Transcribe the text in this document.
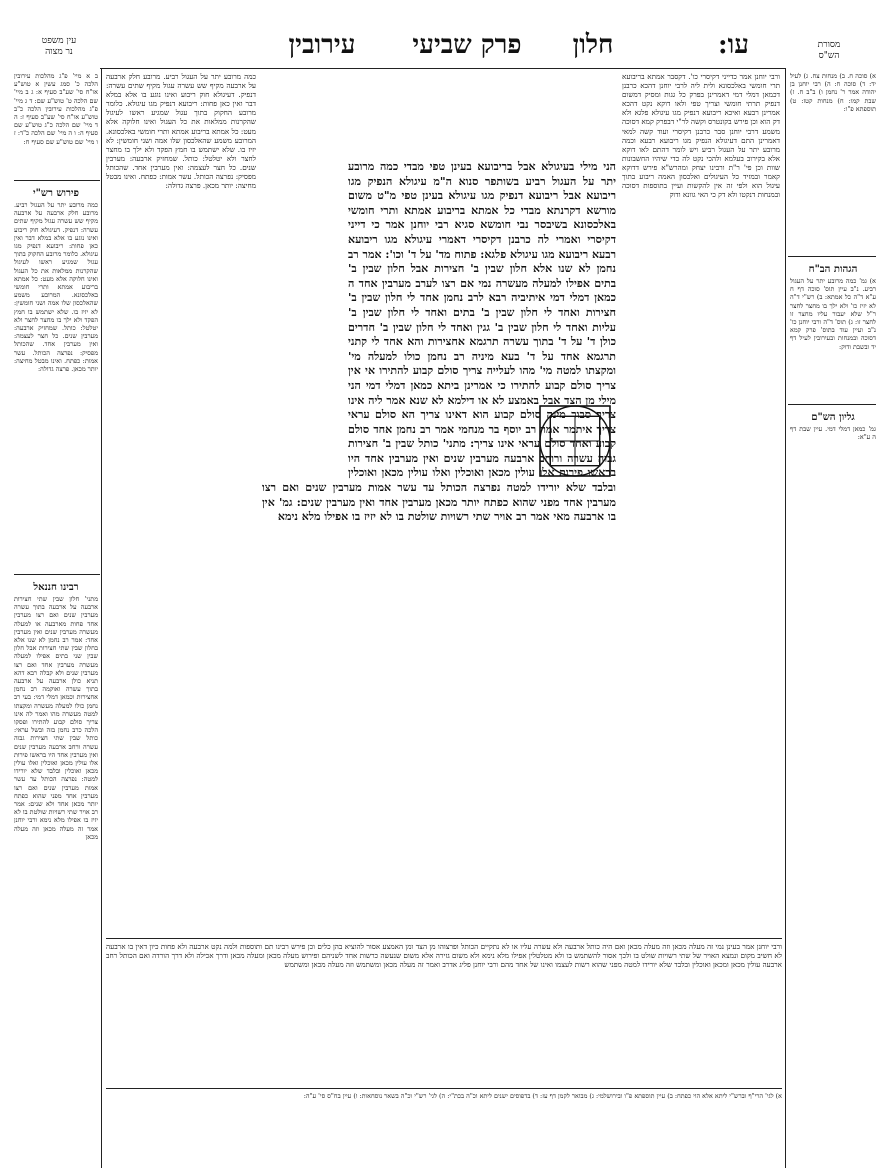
עין משפט
נר מצוה	עו:
חלון
פרק שביעי
עירובין	מסורת
הש"ס
ב א מיי' פ"ג מהלכות עירובין הלכה כ' סמג עשין א טוש"ע או"ח סי' שע"ב סעיף א: ג ב מיי' שם הלכה ט' טוש"ע שם: ד ג מיי' פ"ג מהלכות עירובין הלכה כ"ב טוש"ע או"ח סי' שע"ב סעיף ז: ה ד מיי' שם הלכה כ"ג טוש"ע שם סעיף ה: ו ה מיי' שם הלכה כ"ד: ז ו מיי' שם טוש"ע שם סעיף ח:
פירוש רש"י
כמה מרובע יתר על העגול רביע. מרובע חלק ארבעה על ארבעה מקיף שש עשרה עגול מקיף שתים עשרה: דנפיק. דעיגולא חוק ריבוע ואינו נוגע בו אלא במלא דבר ואין כאן פחות: ריבועא דנפיק מגו עיגולא. כלומר מרובע החקוק בתוך עגול שמגיע ראשו לעיגול שהקרנות ממלאות את כל העגול ואינו חלוקה אלא מעט: כל אמתא בריבוע אמתא ותרי חומשי באלכסונא. המרובע משמע שהאלכסון שלו אמה ושני חומשין: לא יזיז בו. שלא ישתמש בו חמץ הפקד ולא ילך בו מחצר לחצר ולא יטלטל: כותל. שמחזיק ארבעה: מערבין שנים. כל חצר לעצמה: ואין מערבין אחד. שהכותל מפסיק: נפרצה הכותל. עשר אמות: כפתח. ואינו מבטל מחיצה: יותר מכאן. פרצה גדולה:
רבינו חננאל
מתני' חלון שבין שתי חצירות ארבעה על ארבעה בתוך עשרה מערבין שנים ואם רצו מערבין אחד פחות מארבעה או למעלה מעשרה מערבין שנים ואין מערבין אחד: אמר רב נחמן לא שנו אלא בחלון שבין שתי חצירות אבל חלון שבין שני בתים אפילו למעלה מעשרה מערבין אחד ואם רצו מערבין שנים ולא קבלה רבא דהא תניא כולן ארבעה על ארבעה בתוך עשרה ואוקמה רב נחמן אחצירות וכמאן דמלי דמי: בעי רב נחמן כולו למעלה מעשרה ומקצתו למטה מעשרה מהו ואמר לה אינו צריך סולם קבוע להתירו ופסקו הלכה כרב נחמן בזה ובשל עראי: כותל שבין שתי חצירות גבוה עשרה ורחב ארבעה מערבין שנים ואין מערבין אחד היו בראשו פירות אלו עולין מכאן ואוכלין ואלו עולין מכאן ואוכלין ובלבד שלא יורידו למטה: נפרצה הכותל עד עשר אמות מערבין שנים ואם רצו מערבין אחד מפני שהוא כפתח יותר מכאן אחד ולא שנים: אמר רב אויר שתי רשויות שולטת בו לא יזיז בו אפילו מלא נימא ורבי יוחנן אמר זה מעלה מכאן וזה מעלה מכאן
א) סוכה ח. ב) מנחות צח. ג) לעיל יד: ד) סוכה ח: ה) רבי יוחנן בן יהודה אמר ר' נחמן ו) ב"ב ח. ז) שבת קמו: ח) מנחות קטז: ט) תוספתא פ"ו:
הגהות הב"ח
א) גמ' כמה מרובע יתר על העגול רביע. נ"ב עיין תוס' סוכה דף ח ע"א ד"ה כל אמתא: ב) רש"י ד"ה לא יזיז כו' ולא ילך בו מחצר לחצר ר"ל שלא יעבור עליו מחצר זו לחצר זו: ג) תוס' ד"ה ורבי יוחנן כו' נ"ב ועיין עוד בתוס' פרק קמא דסוכה ובמנחות ובעירובין לעיל דף יד ובשבת ודוק:
גליון הש"ם
גמ' כמאן דמלי דמי. עיין שבת דף ה ע"א:
ורבי יוחנן אמר כדייני דקיסרי כו'. דקסבר אמתא בריבועא תרי חומשי באלכסונא ולית ליה לרבי יוחנן דהכא כרבנן דכמאן דמלי דמי דאמרינן בפרק כל גגות ומסיק דמשום דנפיק תרתי חומשי וצריך טפי ולאו דוקא נקט דהכא אמרינן רבעא ואיכא ריבועא דנפיק מגו עיגולא פלגא ולא דק הוא וכן פירש בקונטרס וקשה לר"י דבפרק קמא דסוכה משמע דרבי יוחנן סבר כרבנן דקיסרי ועוד קשה למאי דאמרינן התם דעיגולא הנפיק מגו ריבועא רבעא וכמה מרובע יתר על העגול רביע ויש לומר דהתם לאו דוקא אלא בקירוב בעלמא ולהכי נקט לה כדי שיהיו החשבונות שוות וכן פי' ר"ת ורבינו יצחק ומהרש"א פירש דדוקא קאמר ובמזיד כל העיגולים ואלכסון האמה ריבוע בתוך עיגול הוא ולפי זה אין להקשות ועיין בתוספות דסוכה ובמנחות דנקטו ולא דק כי האי גוונא ודוק
כמה מרובע יתר על העגול רביע. מרובע חלק ארבעה על ארבעה מקיף שש עשרה עגול מקיף שתים עשרה: דנפיק. דעיגולא חוק ריבוע ואינו נוגע בו אלא במלא דבר ואין כאן פחות: ריבועא דנפיק מגו עיגולא. כלומר מרובע החקוק בתוך עגול שמגיע ראשו לעיגול שהקרנות ממלאות את כל העגול ואינו חלוקה אלא מעט: כל אמתא בריבוע אמתא ותרי חומשי באלכסונא. המרובע משמע שהאלכסון שלו אמה ושני חומשין: לא יזיז בו. שלא ישתמש בו חמץ הפקד ולא ילך בו מחצר לחצר ולא יטלטל: כותל. שמחזיק ארבעה: מערבין שנים. כל חצר לעצמה: ואין מערבין אחד. שהכותל מפסיק: נפרצה הכותל. עשר אמות: כפתח. ואינו מבטל מחיצה: יותר מכאן. פרצה גדולה:
הני מילי בעיגולא אבל בריבועא בעינן טפי מבדי כמה מרובע יתר על העגול רביע בשותפר סנוא ה"מ עיגולא הנפיק מגו ריבועא אבל ריבועא דנפיק מגו עיגולא בעינן טפי מ"ט משום מורשא דקרנתא מבדי כל אמתא בריבוע אמתא ותרי חומשי באלכסונא בשיבסר נבי חומשא סגיא רבי יוחנן אמר כי דייני דקיסרי ואמרי לה כרבנן דקיסרי דאמרי עיגולא מגו ריבועא רבעא ריבועא מגו עיגולא פלגא: פתוח מד' על ד' וכו': אמר רב נחמן לא שנו אלא חלון שבין ב' חצירות אבל חלון שבין ב' בתים אפילו למעלה מעשרה נמי אם רצו לערב מערבין אחד ה כמאן דמלי דמי איתיביה רבא לרב נחמן אחד לי חלון שבין ב' חצירות ואחד לי חלון שבין ב' בתים ואחד לי חלון שבין ב' עליות ואחד לי חלון שבין ב' גגין ואחד לי חלון שבין ב' חדרים כולן ד' על ד' בתוך עשרה תרגמא אחצירות והא אחד לי קתני תרגמא אחד על ד' בעא מיניה רב נחמן כולו למעלה מי' ומקצתו למטה מי' מהו לעלייה צריך סולם קבוע להתירו אי אין צריך סולם קבוע להתירו כי אמרינן ביתא כמאן דמלי דמי הני מילי מן הצד אבל באמצע לא או דילמא לא שנא אמר ליה אינו צריך סבור מינה סולם קבוע הוא דאינו צריך הא סולם עראי צריך איתמר אמר רב יוסף בר מנחמי אמר רב נחמן אחד סולם קבוע ואחד סולם עראי אינו צריך: מתני' כותל שבין ב' חצירות גבוה עשרה ורוחב ארבעה מערבין שנים ואין מערבין אחד היו בראשו פירות אלו עולין מכאן ואוכלין ואלו עולין מכאן ואוכלין ובלבד שלא יורידו למטה נפרצה הכותל עד עשר אמות מערבין שנים ואם רצו מערבין אחד מפני שהוא כפתח יותר מכאן מערבין אחד ואין מערבין שנים: גמ' אין בו ארבעה מאי אמר רב אויר שתי רשויות שולטת בו לא יזיז בו אפילו מלא נימא
ורבי יוחנן אמר בעינן נמי זה מעלה מכאן וזה מעלה מכאן ואם היה כותל ארבעה ולא עשרה עליו או לא נתקיים הכותל ופרצוהו מן הצד ומן האמצע אסור להוציא בהן כלים וכן פירש רבינו תם ותוספות ולמה נקט ארבעה ולא פחות כיון דאין בו ארבעה לא חשיב מקום ונמצא האויר של שתי רשויות שולט בו ולכך אסור להשתמש בו ולא מטלטלין אפילו מלא נימא ולא משום גזירה אלא משום שנעשה כרשות אחד לשניהם ופירוש מעלה מכאן ומעלה מכאן ודרך אכילה ולא דרך הורדה ואם הכותל רחב ארבעה עולין מכאן ומכאן ואוכלין ובלבד שלא יורידו למטה מפני שהוא רשות לעצמו ואינו של אחד מהם ורבי יוחנן פליג אדרב ואמר זה מעלה מכאן ומשתמש וזה מעלה מכאן ומשתמש
א) לגי' הרי"ף וברש"י ליתא אלא הוי כפתח: ב) עיין תוספתא פ"ו ובירושלמי: ג) מבואר לקמן דף עז: ד) בדפוסים ישנים ליתא וכ"ה בכת"י: ה) לגי' רש"י וכ"ה בשאר נוסחאות: ו) עיין בח"ס סי' ע"ה:
